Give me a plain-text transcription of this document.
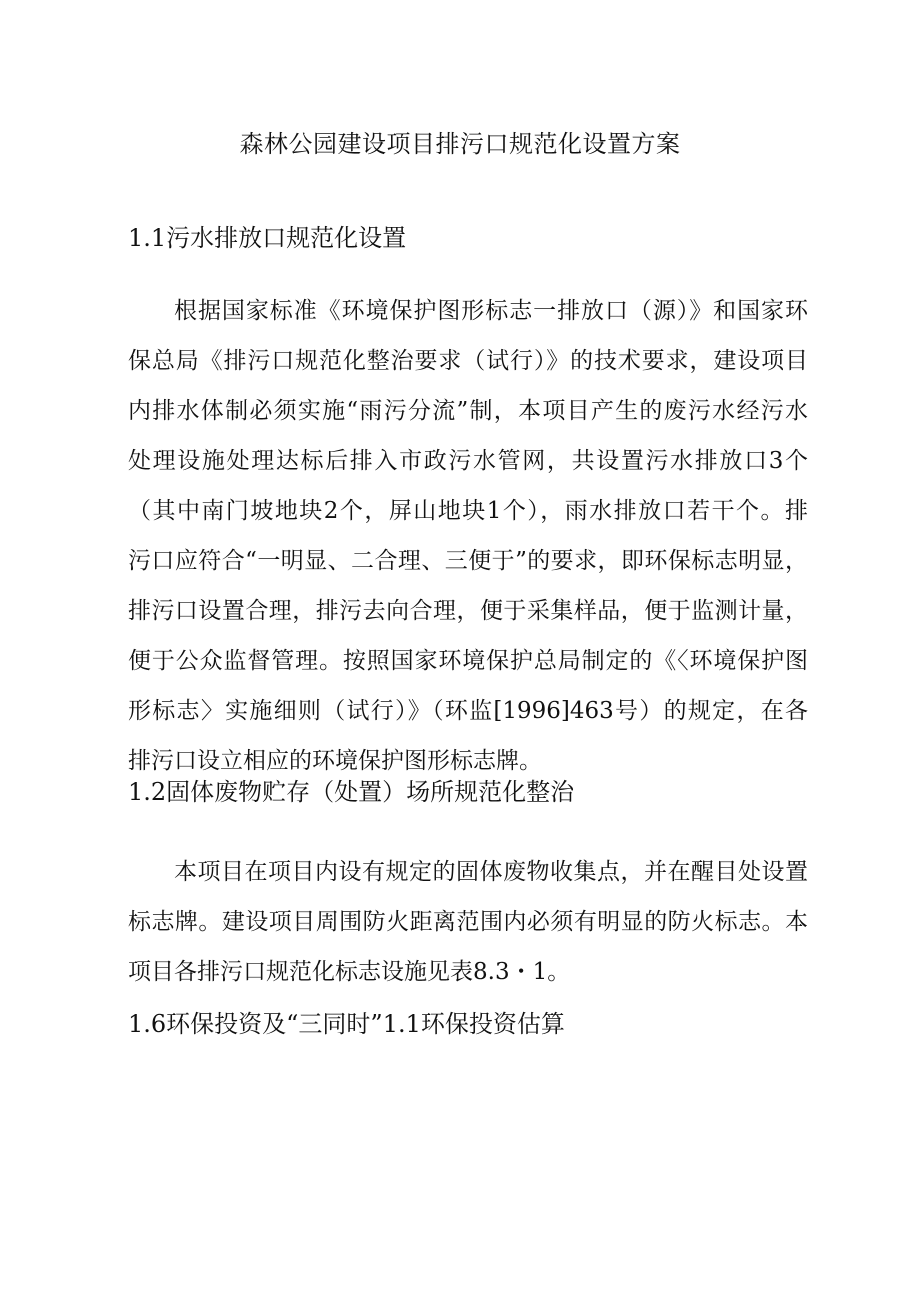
森林公园建设项目排污口规范化设置方案
1.1污水排放口规范化设置
根据国家标准《环境保护图形标志一排放口（源）》和国家环
保总局《排污口规范化整治要求（试行）》的技术要求，建设项目
内排水体制必须实施“雨污分流”制，本项目产生的废污水经污水
处理设施处理达标后排入市政污水管网，共设置污水排放口3个
（其中南门坡地块2个，屏山地块1个），雨水排放口若干个。排
污口应符合“一明显、二合理、三便于”的要求，即环保标志明显，
排污口设置合理，排污去向合理，便于采集样品，便于监测计量，
便于公众监督管理。按照国家环境保护总局制定的《〈环境保护图
形标志〉实施细则（试行）》（环监[1996]463号）的规定，在各
排污口设立相应的环境保护图形标志牌。
1.2固体废物贮存（处置）场所规范化整治
本项目在项目内设有规定的固体废物收集点，并在醒目处设置
标志牌。建设项目周围防火距离范围内必须有明显的防火标志。本
项目各排污口规范化标志设施见表8.3・1。
1.6环保投资及“三同时”1.1环保投资估算
